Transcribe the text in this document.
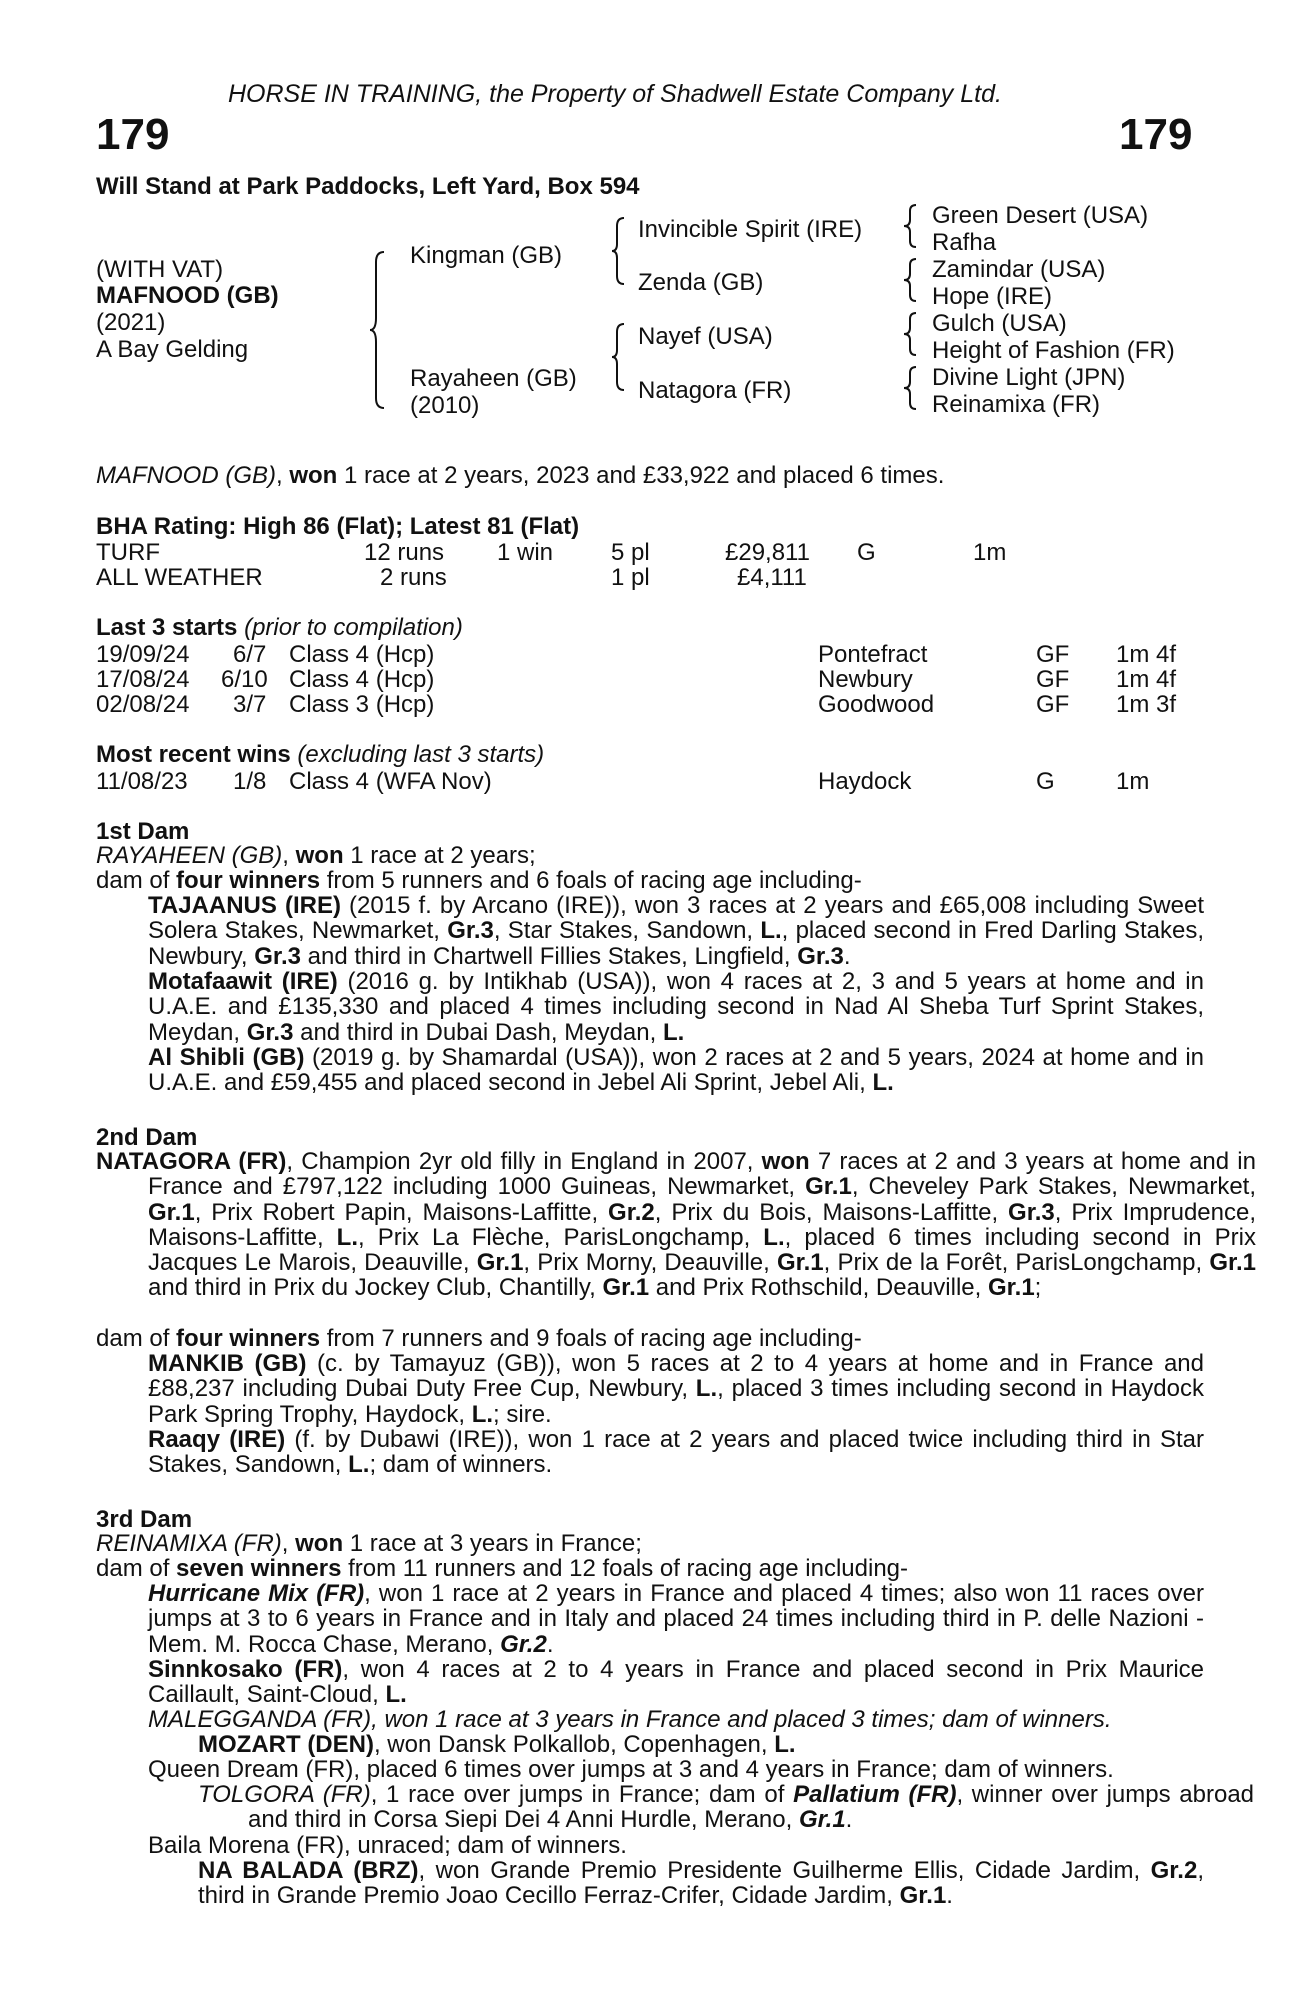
HORSE IN TRAINING, the Property of Shadwell Estate Company Ltd.
179	179
Will Stand at Park Paddocks, Left Yard, Box 594
(WITH VAT)
MAFNOOD (GB)
(2021)
A Bay Gelding
Kingman (GB)
Rayaheen (GB)
(2010)
Invincible Spirit (IRE)
Zenda (GB)
Nayef (USA)
Natagora (FR)
Green Desert (USA)
Rafha
Zamindar (USA)
Hope (IRE)
Gulch (USA)
Height of Fashion (FR)
Divine Light (JPN)
Reinamixa (FR)
MAFNOOD (GB), won 1 race at 2 years, 2023 and £33,922 and placed 6 times.
BHA Rating: High 86 (Flat); Latest 81 (Flat)
TURF	12 runs 1 win 5 pl	£29,811 G	1m
ALL WEATHER	2 runs	1 pl	£4,111
Last 3 starts (prior to compilation)
19/09/24 6/7 Class 4 (Hcp)	Pontefract	GF 1m 4f
17/08/24 6/10 Class 4 (Hcp)	Newbury	GF 1m 4f
02/08/24 3/7 Class 3 (Hcp)	Goodwood	GF 1m 3f
Most recent wins (excluding last 3 starts)
11/08/23 1/8 Class 4 (WFA Nov)	Haydock	G	1m
1st Dam
RAYAHEEN (GB), won 1 race at 2 years;
dam of four winners from 5 runners and 6 foals of racing age including-
TAJAANUS (IRE) (2015 f. by Arcano (IRE)), won 3 races at 2 years and £65,008 including Sweet Solera Stakes, Newmarket, Gr.3, Star Stakes, Sandown, L., placed second in Fred Darling Stakes, Newbury, Gr.3 and third in Chartwell Fillies Stakes, Lingfield, Gr.3.
Motafaawit (IRE) (2016 g. by Intikhab (USA)), won 4 races at 2, 3 and 5 years at home and in U.A.E. and £135,330 and placed 4 times including second in Nad Al Sheba Turf Sprint Stakes, Meydan, Gr.3 and third in Dubai Dash, Meydan, L.
Al Shibli (GB) (2019 g. by Shamardal (USA)), won 2 races at 2 and 5 years, 2024 at home and in U.A.E. and £59,455 and placed second in Jebel Ali Sprint, Jebel Ali, L.
2nd Dam
NATAGORA (FR), Champion 2yr old filly in England in 2007, won 7 races at 2 and 3 years at home and in France and £797,122 including 1000 Guineas, Newmarket, Gr.1, Cheveley Park Stakes, Newmarket, Gr.1, Prix Robert Papin, Maisons-Laffitte, Gr.2, Prix du Bois, Maisons-Laffitte, Gr.3, Prix Imprudence, Maisons-Laffitte, L., Prix La Flèche, ParisLongchamp, L., placed 6 times including second in Prix Jacques Le Marois, Deauville, Gr.1, Prix Morny, Deauville, Gr.1, Prix de la Forêt, ParisLongchamp, Gr.1 and third in Prix du Jockey Club, Chantilly, Gr.1 and Prix Rothschild, Deauville, Gr.1;
dam of four winners from 7 runners and 9 foals of racing age including-
MANKIB (GB) (c. by Tamayuz (GB)), won 5 races at 2 to 4 years at home and in France and £88,237 including Dubai Duty Free Cup, Newbury, L., placed 3 times including second in Haydock Park Spring Trophy, Haydock, L.; sire.
Raaqy (IRE) (f. by Dubawi (IRE)), won 1 race at 2 years and placed twice including third in Star Stakes, Sandown, L.; dam of winners.
3rd Dam
REINAMIXA (FR), won 1 race at 3 years in France;
dam of seven winners from 11 runners and 12 foals of racing age including-
Hurricane Mix (FR), won 1 race at 2 years in France and placed 4 times; also won 11 races over jumps at 3 to 6 years in France and in Italy and placed 24 times including third in P. delle Nazioni - Mem. M. Rocca Chase, Merano, Gr.2.
Sinnkosako (FR), won 4 races at 2 to 4 years in France and placed second in Prix Maurice Caillault, Saint-Cloud, L.
MALEGGANDA (FR), won 1 race at 3 years in France and placed 3 times; dam of winners.
MOZART (DEN), won Dansk Polkallob, Copenhagen, L.
Queen Dream (FR), placed 6 times over jumps at 3 and 4 years in France; dam of winners.
TOLGORA (FR), 1 race over jumps in France; dam of Pallatium (FR), winner over jumps abroad and third in Corsa Siepi Dei 4 Anni Hurdle, Merano, Gr.1.
Baila Morena (FR), unraced; dam of winners.
NA BALADA (BRZ), won Grande Premio Presidente Guilherme Ellis, Cidade Jardim, Gr.2, third in Grande Premio Joao Cecillo Ferraz-Crifer, Cidade Jardim, Gr.1.
